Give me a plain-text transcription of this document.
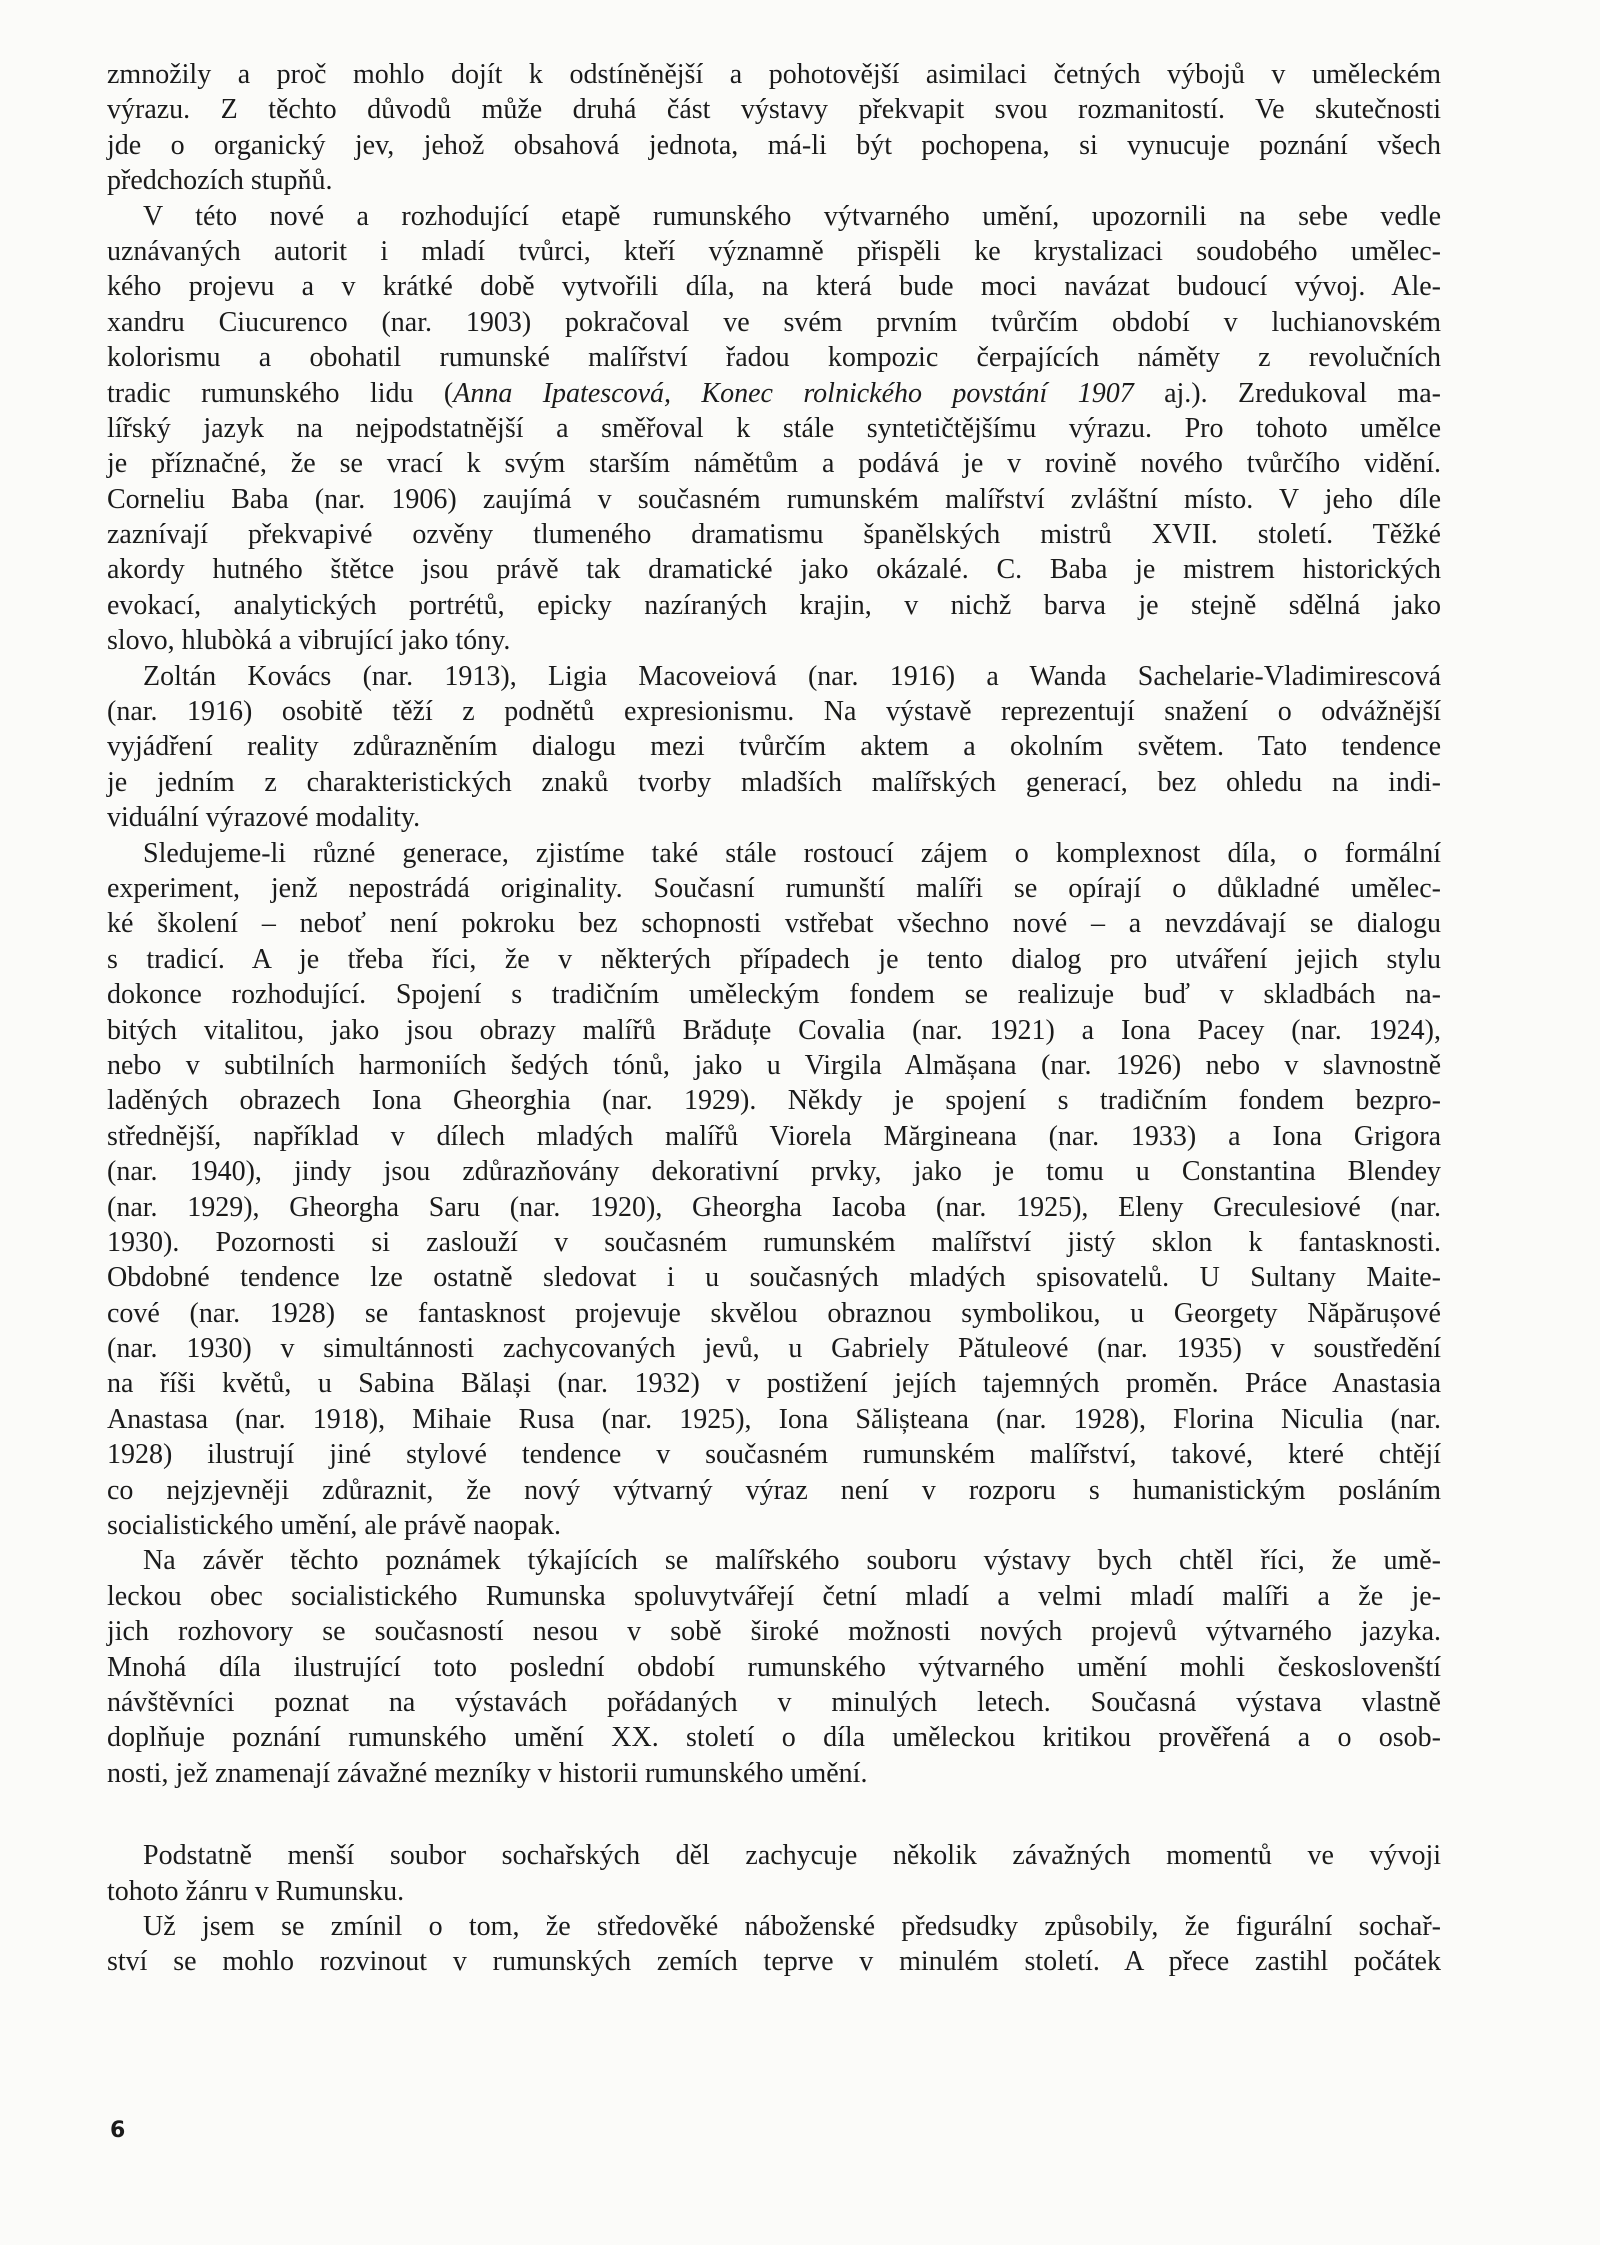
zmnožily a proč mohlo dojít k odstíněnější a pohotovější asimilaci četných výbojů v uměleckém
výrazu. Z těchto důvodů může druhá část výstavy překvapit svou rozmanitostí. Ve skutečnosti
jde o organický jev, jehož obsahová jednota, má-li být pochopena, si vynucuje poznání všech
předchozích stupňů.
V této nové a rozhodující etapě rumunského výtvarného umění, upozornili na sebe vedle
uznávaných autorit i mladí tvůrci, kteří významně přispěli ke krystalizaci soudobého umělec-
kého projevu a v krátké době vytvořili díla, na která bude moci navázat budoucí vývoj. Ale-
xandru Ciucurenco (nar. 1903) pokračoval ve svém prvním tvůrčím období v luchianovském
kolorismu a obohatil rumunské malířství řadou kompozic čerpajících náměty z revolučních
tradic rumunského lidu (Anna Ipatescová, Konec rolnického povstání 1907 aj.). Zredukoval ma-
lířský jazyk na nejpodstatnější a směřoval k stále syntetičtějšímu výrazu. Pro tohoto umělce
je příznačné, že se vrací k svým starším námětům a podává je v rovině nového tvůrčího vidění.
Corneliu Baba (nar. 1906) zaujímá v současném rumunském malířství zvláštní místo. V jeho díle
zaznívají překvapivé ozvěny tlumeného dramatismu španělských mistrů XVII. století. Těžké
akordy hutného štětce jsou právě tak dramatické jako okázalé. C. Baba je mistrem historických
evokací, analytických portrétů, epicky nazíraných krajin, v nichž barva je stejně sdělná jako
slovo, hlubòká a vibrující jako tóny.
Zoltán Kovács (nar. 1913), Ligia Macoveiová (nar. 1916) a Wanda Sachelarie-Vladimirescová
(nar. 1916) osobitě těží z podnětů expresionismu. Na výstavě reprezentují snažení o odvážnější
vyjádření reality zdůrazněním dialogu mezi tvůrčím aktem a okolním světem. Tato tendence
je jedním z charakteristických znaků tvorby mladších malířských generací, bez ohledu na indi-
viduální výrazové modality.
Sledujeme-li různé generace, zjistíme také stále rostoucí zájem o komplexnost díla, o formální
experiment, jenž nepostrádá originality. Současní rumunští malíři se opírají o důkladné umělec-
ké školení – neboť není pokroku bez schopnosti vstřebat všechno nové – a nevzdávají se dialogu
s tradicí. A je třeba říci, že v některých případech je tento dialog pro utváření jejich stylu
dokonce rozhodující. Spojení s tradičním uměleckým fondem se realizuje buď v skladbách na-
bitých vitalitou, jako jsou obrazy malířů Brăduțe Covalia (nar. 1921) a Iona Pacey (nar. 1924),
nebo v subtilních harmoniích šedých tónů, jako u Virgila Almășana (nar. 1926) nebo v slavnostně
laděných obrazech Iona Gheorghia (nar. 1929). Někdy je spojení s tradičním fondem bezpro-
střednější, například v dílech mladých malířů Viorela Mărgineana (nar. 1933) a Iona Grigora
(nar. 1940), jindy jsou zdůrazňovány dekorativní prvky, jako je tomu u Constantina Blendey
(nar. 1929), Gheorgha Saru (nar. 1920), Gheorgha Iacoba (nar. 1925), Eleny Greculesiové (nar.
1930). Pozornosti si zaslouží v současném rumunském malířství jistý sklon k fantasknosti.
Obdobné tendence lze ostatně sledovat i u současných mladých spisovatelů. U Sultany Maite-
cové (nar. 1928) se fantasknost projevuje skvělou obraznou symbolikou, u Georgety Năpărușové
(nar. 1930) v simultánnosti zachycovaných jevů, u Gabriely Pătuleové (nar. 1935) v soustředění
na říši květů, u Sabina Bălași (nar. 1932) v postižení jejích tajemných proměn. Práce Anastasia
Anastasa (nar. 1918), Mihaie Rusa (nar. 1925), Iona Sălișteana (nar. 1928), Florina Niculia (nar.
1928) ilustrují jiné stylové tendence v současném rumunském malířství, takové, které chtějí
co nejzjevněji zdůraznit, že nový výtvarný výraz není v rozporu s humanistickým posláním
socialistického umění, ale právě naopak.
Na závěr těchto poznámek týkajících se malířského souboru výstavy bych chtěl říci, že umě-
leckou obec socialistického Rumunska spoluvytvářejí četní mladí a velmi mladí malíři a že je-
jich rozhovory se současností nesou v sobě široké možnosti nových projevů výtvarného jazyka.
Mnohá díla ilustrující toto poslední období rumunského výtvarného umění mohli českoslovenští
návštěvníci poznat na výstavách pořádaných v minulých letech. Současná výstava vlastně
doplňuje poznání rumunského umění XX. století o díla uměleckou kritikou prověřená a o osob-
nosti, jež znamenají závažné mezníky v historii rumunského umění.
Podstatně menší soubor sochařských děl zachycuje několik závažných momentů ve vývoji
tohoto žánru v Rumunsku.
Už jsem se zmínil o tom, že středověké náboženské předsudky způsobily, že figurální sochař-
ství se mohlo rozvinout v rumunských zemích teprve v minulém století. A přece zastihl počátek
6
